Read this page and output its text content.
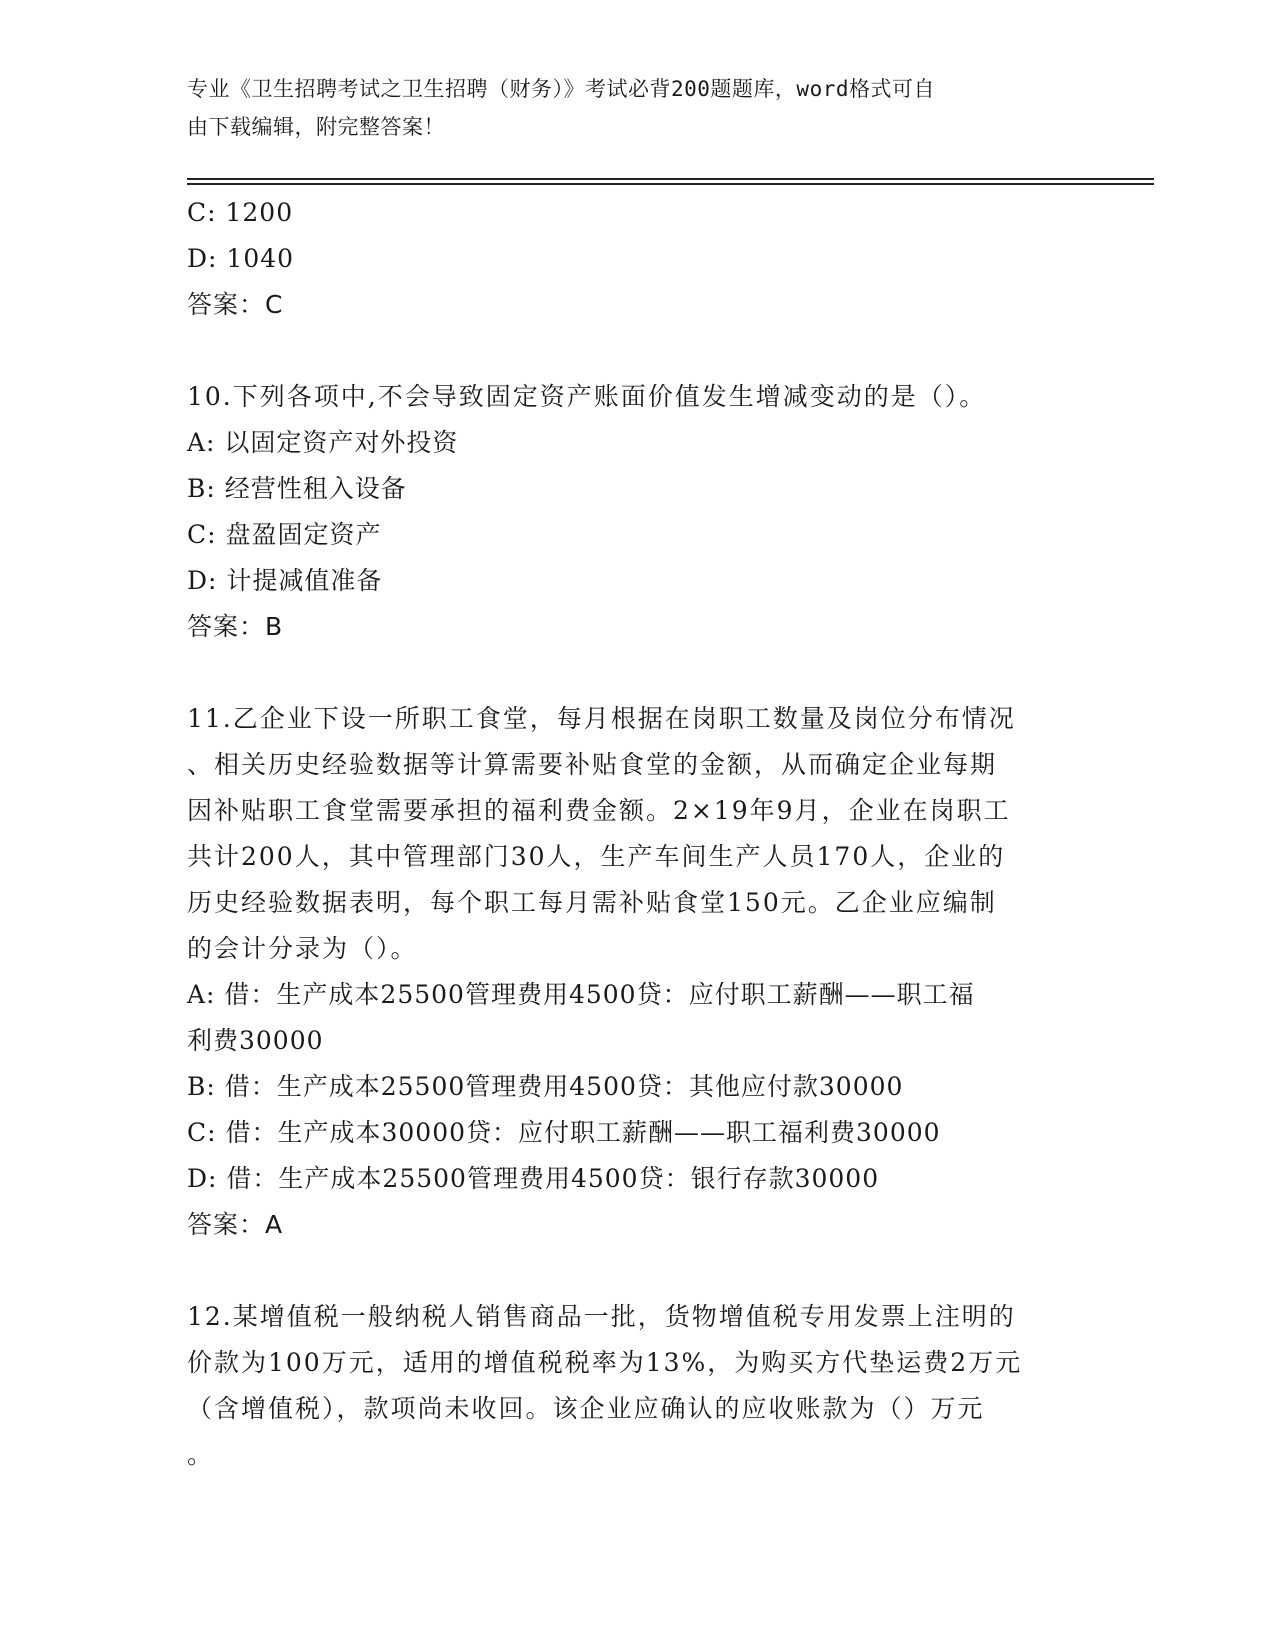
专业《卫生招聘考试之卫生招聘（财务）》考试必背200题题库，word格式可自
由下载编辑，附完整答案！
C: 1200
D: 1040
答案：C
10.下列各项中,不会导致固定资产账面价值发生增减变动的是（）。
A: 以固定资产对外投资
B: 经营性租入设备
C: 盘盈固定资产
D: 计提减值准备
答案：B
11.乙企业下设一所职工食堂，每月根据在岗职工数量及岗位分布情况
、相关历史经验数据等计算需要补贴食堂的金额，从而确定企业每期
因补贴职工食堂需要承担的福利费金额。2×19年9月，企业在岗职工
共计200人，其中管理部门30人，生产车间生产人员170人，企业的
历史经验数据表明，每个职工每月需补贴食堂150元。乙企业应编制
的会计分录为（）。
A: 借：生产成本25500管理费用4500贷：应付职工薪酬——职工福
利费30000
B: 借：生产成本25500管理费用4500贷：其他应付款30000
C: 借：生产成本30000贷：应付职工薪酬——职工福利费30000
D: 借：生产成本25500管理费用4500贷：银行存款30000
答案：A
12.某增值税一般纳税人销售商品一批，货物增值税专用发票上注明的
价款为100万元，适用的增值税税率为13%，为购买方代垫运费2万元
（含增值税），款项尚未收回。该企业应确认的应收账款为（）万元
。
